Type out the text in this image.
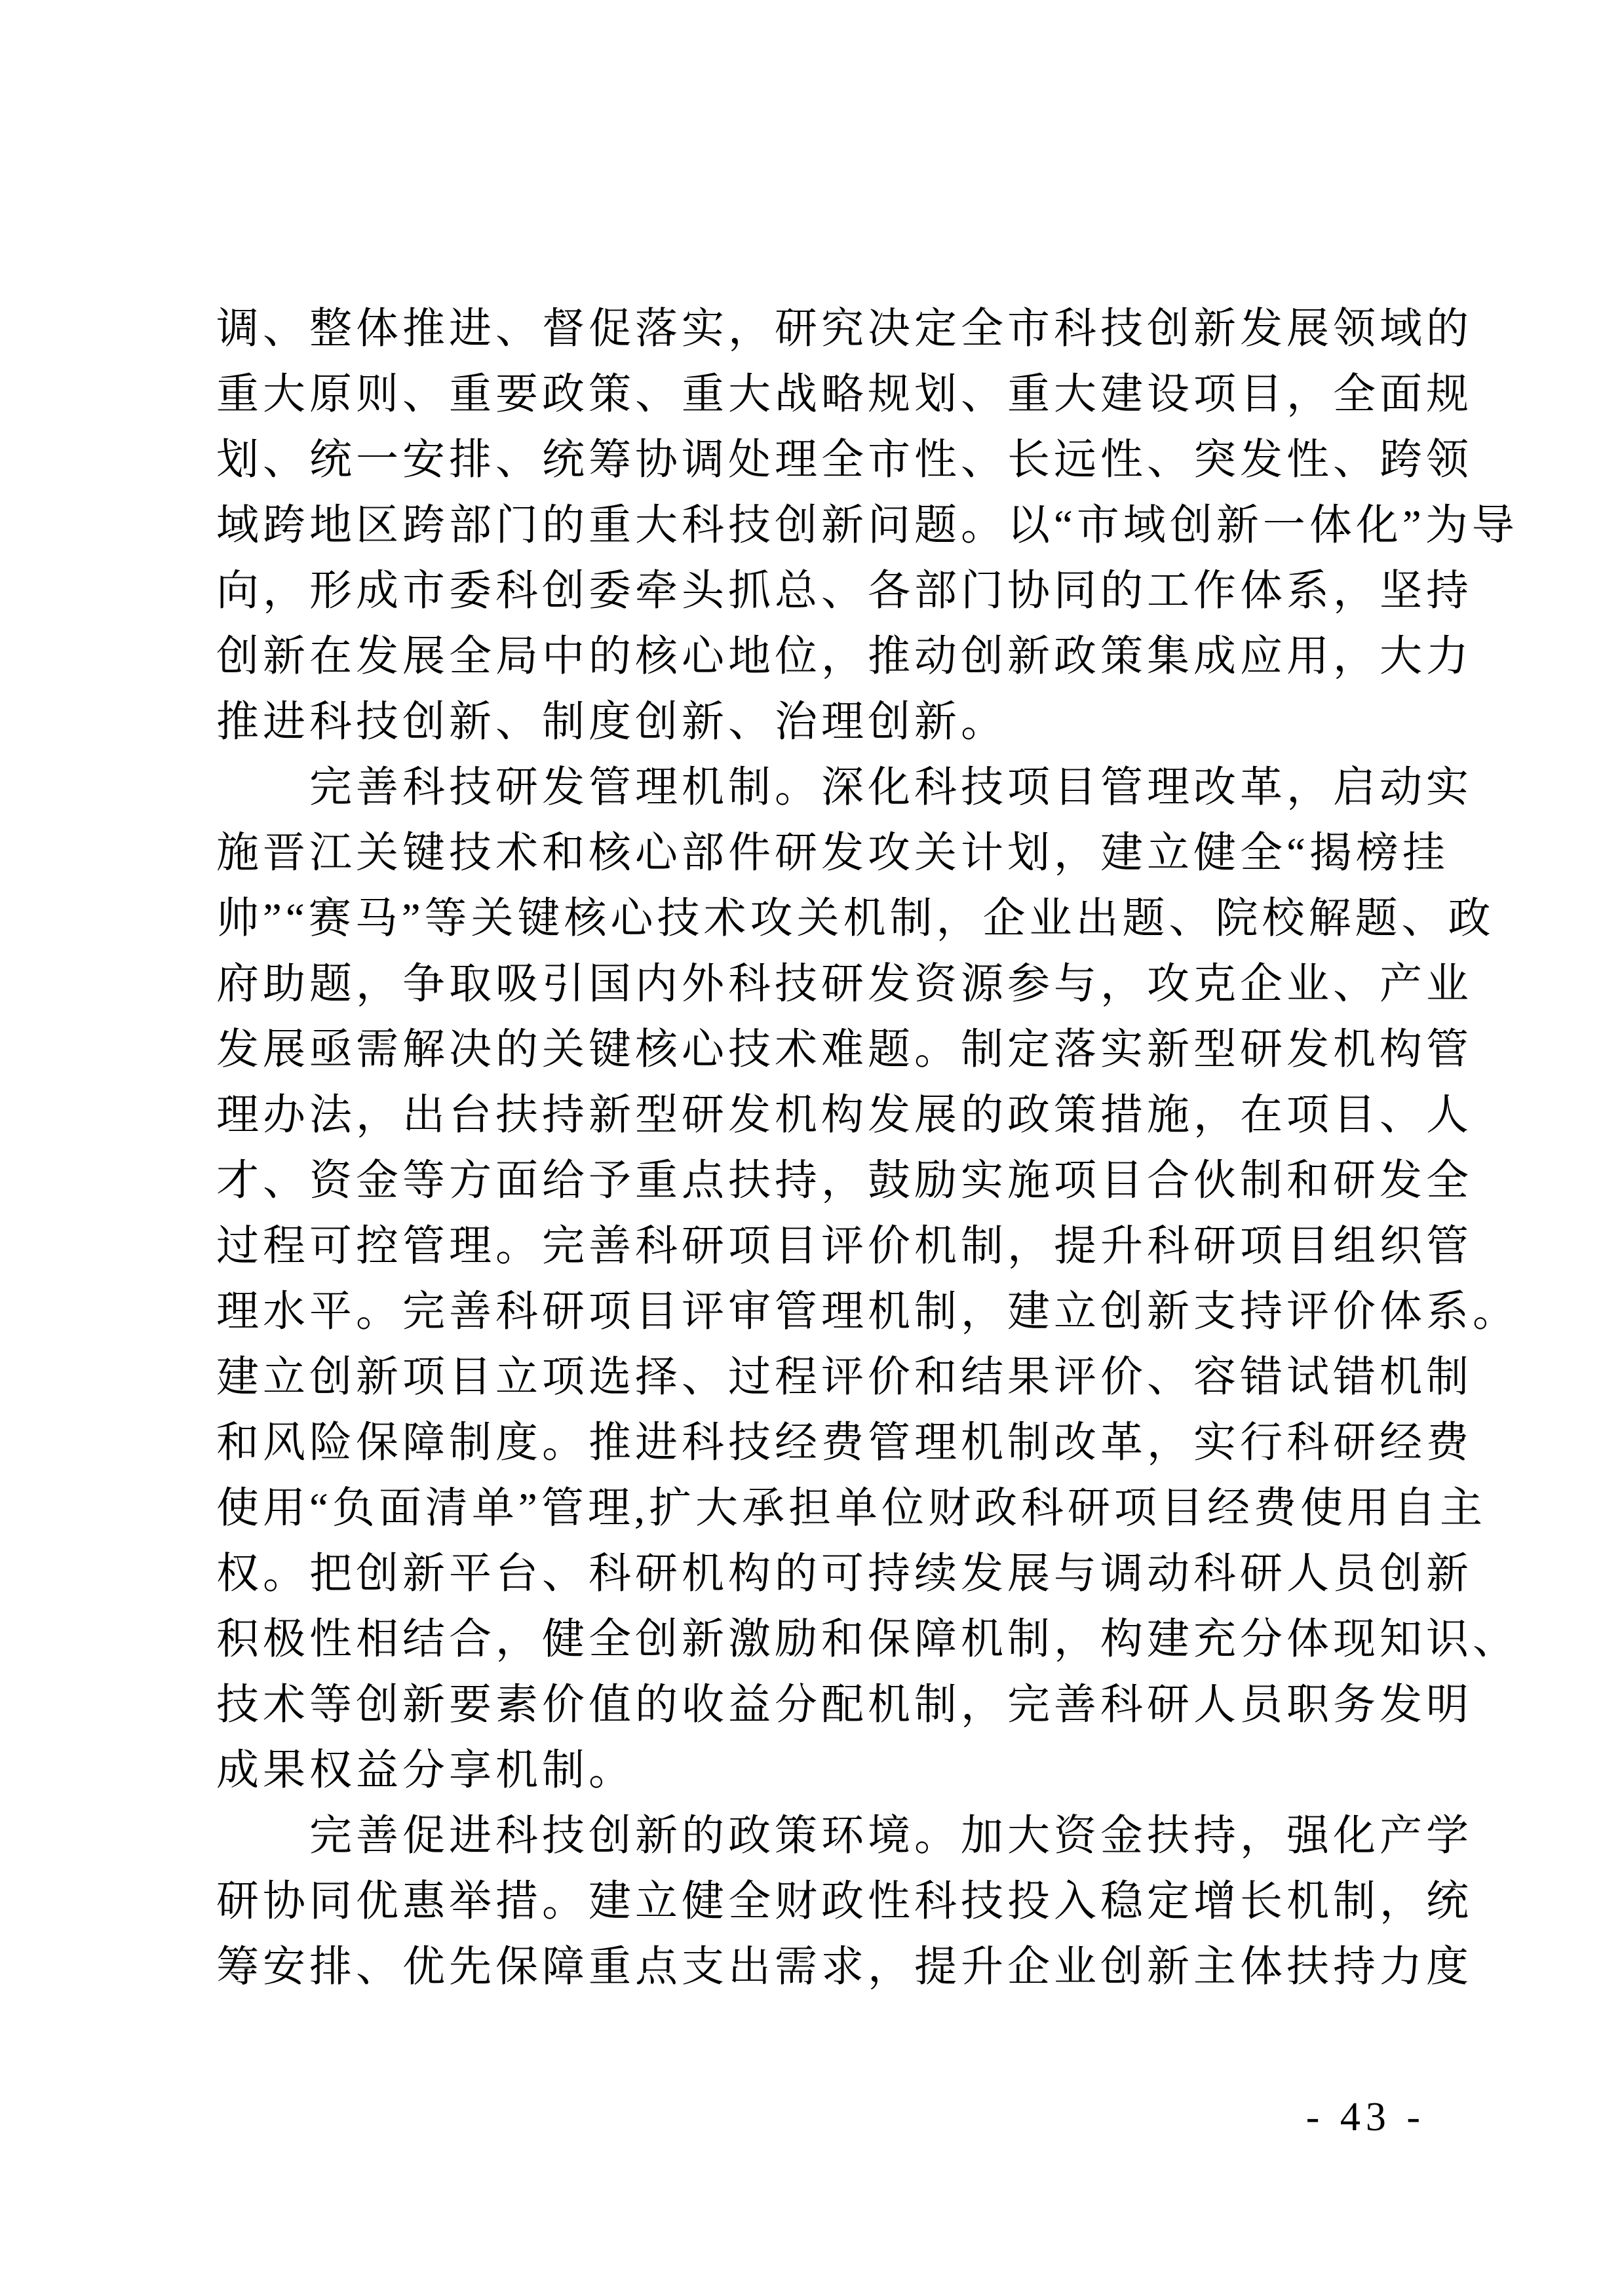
调、整体推进、督促落实，研究决定全市科技创新发展领域的
重大原则、重要政策、重大战略规划、重大建设项目，全面规
划、统一安排、统筹协调处理全市性、长远性、突发性、跨领
域跨地区跨部门的重大科技创新问题。以“市域创新一体化”为导
向，形成市委科创委牵头抓总、各部门协同的工作体系，坚持
创新在发展全局中的核心地位，推动创新政策集成应用，大力
推进科技创新、制度创新、治理创新。
完善科技研发管理机制。深化科技项目管理改革，启动实
施晋江关键技术和核心部件研发攻关计划，建立健全“揭榜挂
帅”“赛马”等关键核心技术攻关机制，企业出题、院校解题、政
府助题，争取吸引国内外科技研发资源参与，攻克企业、产业
发展亟需解决的关键核心技术难题。制定落实新型研发机构管
理办法，出台扶持新型研发机构发展的政策措施，在项目、人
才、资金等方面给予重点扶持，鼓励实施项目合伙制和研发全
过程可控管理。完善科研项目评价机制，提升科研项目组织管
理水平。完善科研项目评审管理机制，建立创新支持评价体系。
建立创新项目立项选择、过程评价和结果评价、容错试错机制
和风险保障制度。推进科技经费管理机制改革，实行科研经费
使用“负面清单”管理,扩大承担单位财政科研项目经费使用自主
权。把创新平台、科研机构的可持续发展与调动科研人员创新
积极性相结合，健全创新激励和保障机制，构建充分体现知识、
技术等创新要素价值的收益分配机制，完善科研人员职务发明
成果权益分享机制。
完善促进科技创新的政策环境。加大资金扶持，强化产学
研协同优惠举措。建立健全财政性科技投入稳定增长机制，统
筹安排、优先保障重点支出需求，提升企业创新主体扶持力度
- 43 -
